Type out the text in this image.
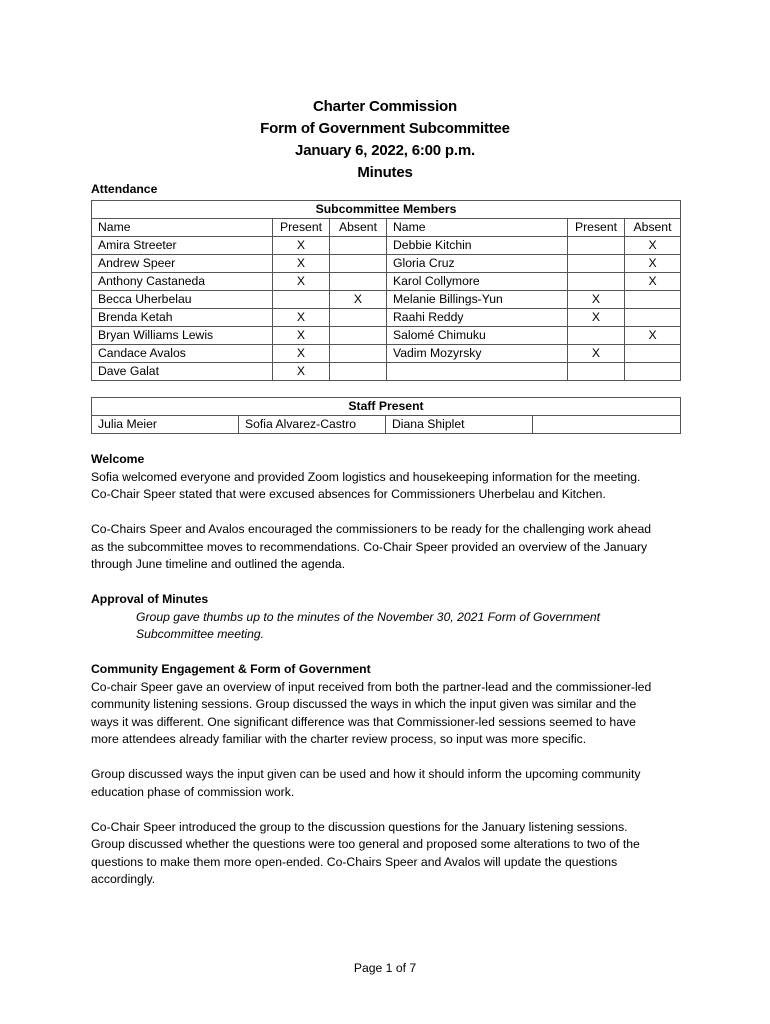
Charter Commission
Form of Government Subcommittee
January 6, 2022, 6:00 p.m.
Minutes
Attendance
Subcommittee Members					
Name	Present	Absent	Name	Present	Absent
Amira Streeter	X		Debbie Kitchin		X
Andrew Speer	X		Gloria Cruz		X
Anthony Castaneda	X		Karol Collymore		X
Becca Uherbelau		X	Melanie Billings-Yun	X	
Brenda Ketah	X		Raahi Reddy	X	
Bryan Williams Lewis	X		Salomé Chimuku		X
Candace Avalos	X		Vadim Mozyrsky	X	
Dave Galat	X				
Staff Present
Julia Meier	Sofia Alvarez-Castro	Diana Shiplet	
Welcome
Sofia welcomed everyone and provided Zoom logistics and housekeeping information for the meeting.
Co-Chair Speer stated that were excused absences for Commissioners Uherbelau and Kitchen.
Co-Chairs Speer and Avalos encouraged the commissioners to be ready for the challenging work ahead
as the subcommittee moves to recommendations. Co-Chair Speer provided an overview of the January
through June timeline and outlined the agenda.
Approval of Minutes
Group gave thumbs up to the minutes of the November 30, 2021 Form of Government
Subcommittee meeting.
Community Engagement & Form of Government
Co-chair Speer gave an overview of input received from both the partner-lead and the commissioner-led
community listening sessions. Group discussed the ways in which the input given was similar and the
ways it was different. One significant difference was that Commissioner-led sessions seemed to have
more attendees already familiar with the charter review process, so input was more specific.
Group discussed ways the input given can be used and how it should inform the upcoming community
education phase of commission work.
Co-Chair Speer introduced the group to the discussion questions for the January listening sessions.
Group discussed whether the questions were too general and proposed some alterations to two of the
questions to make them more open-ended. Co-Chairs Speer and Avalos will update the questions
accordingly.
Page 1 of 7
